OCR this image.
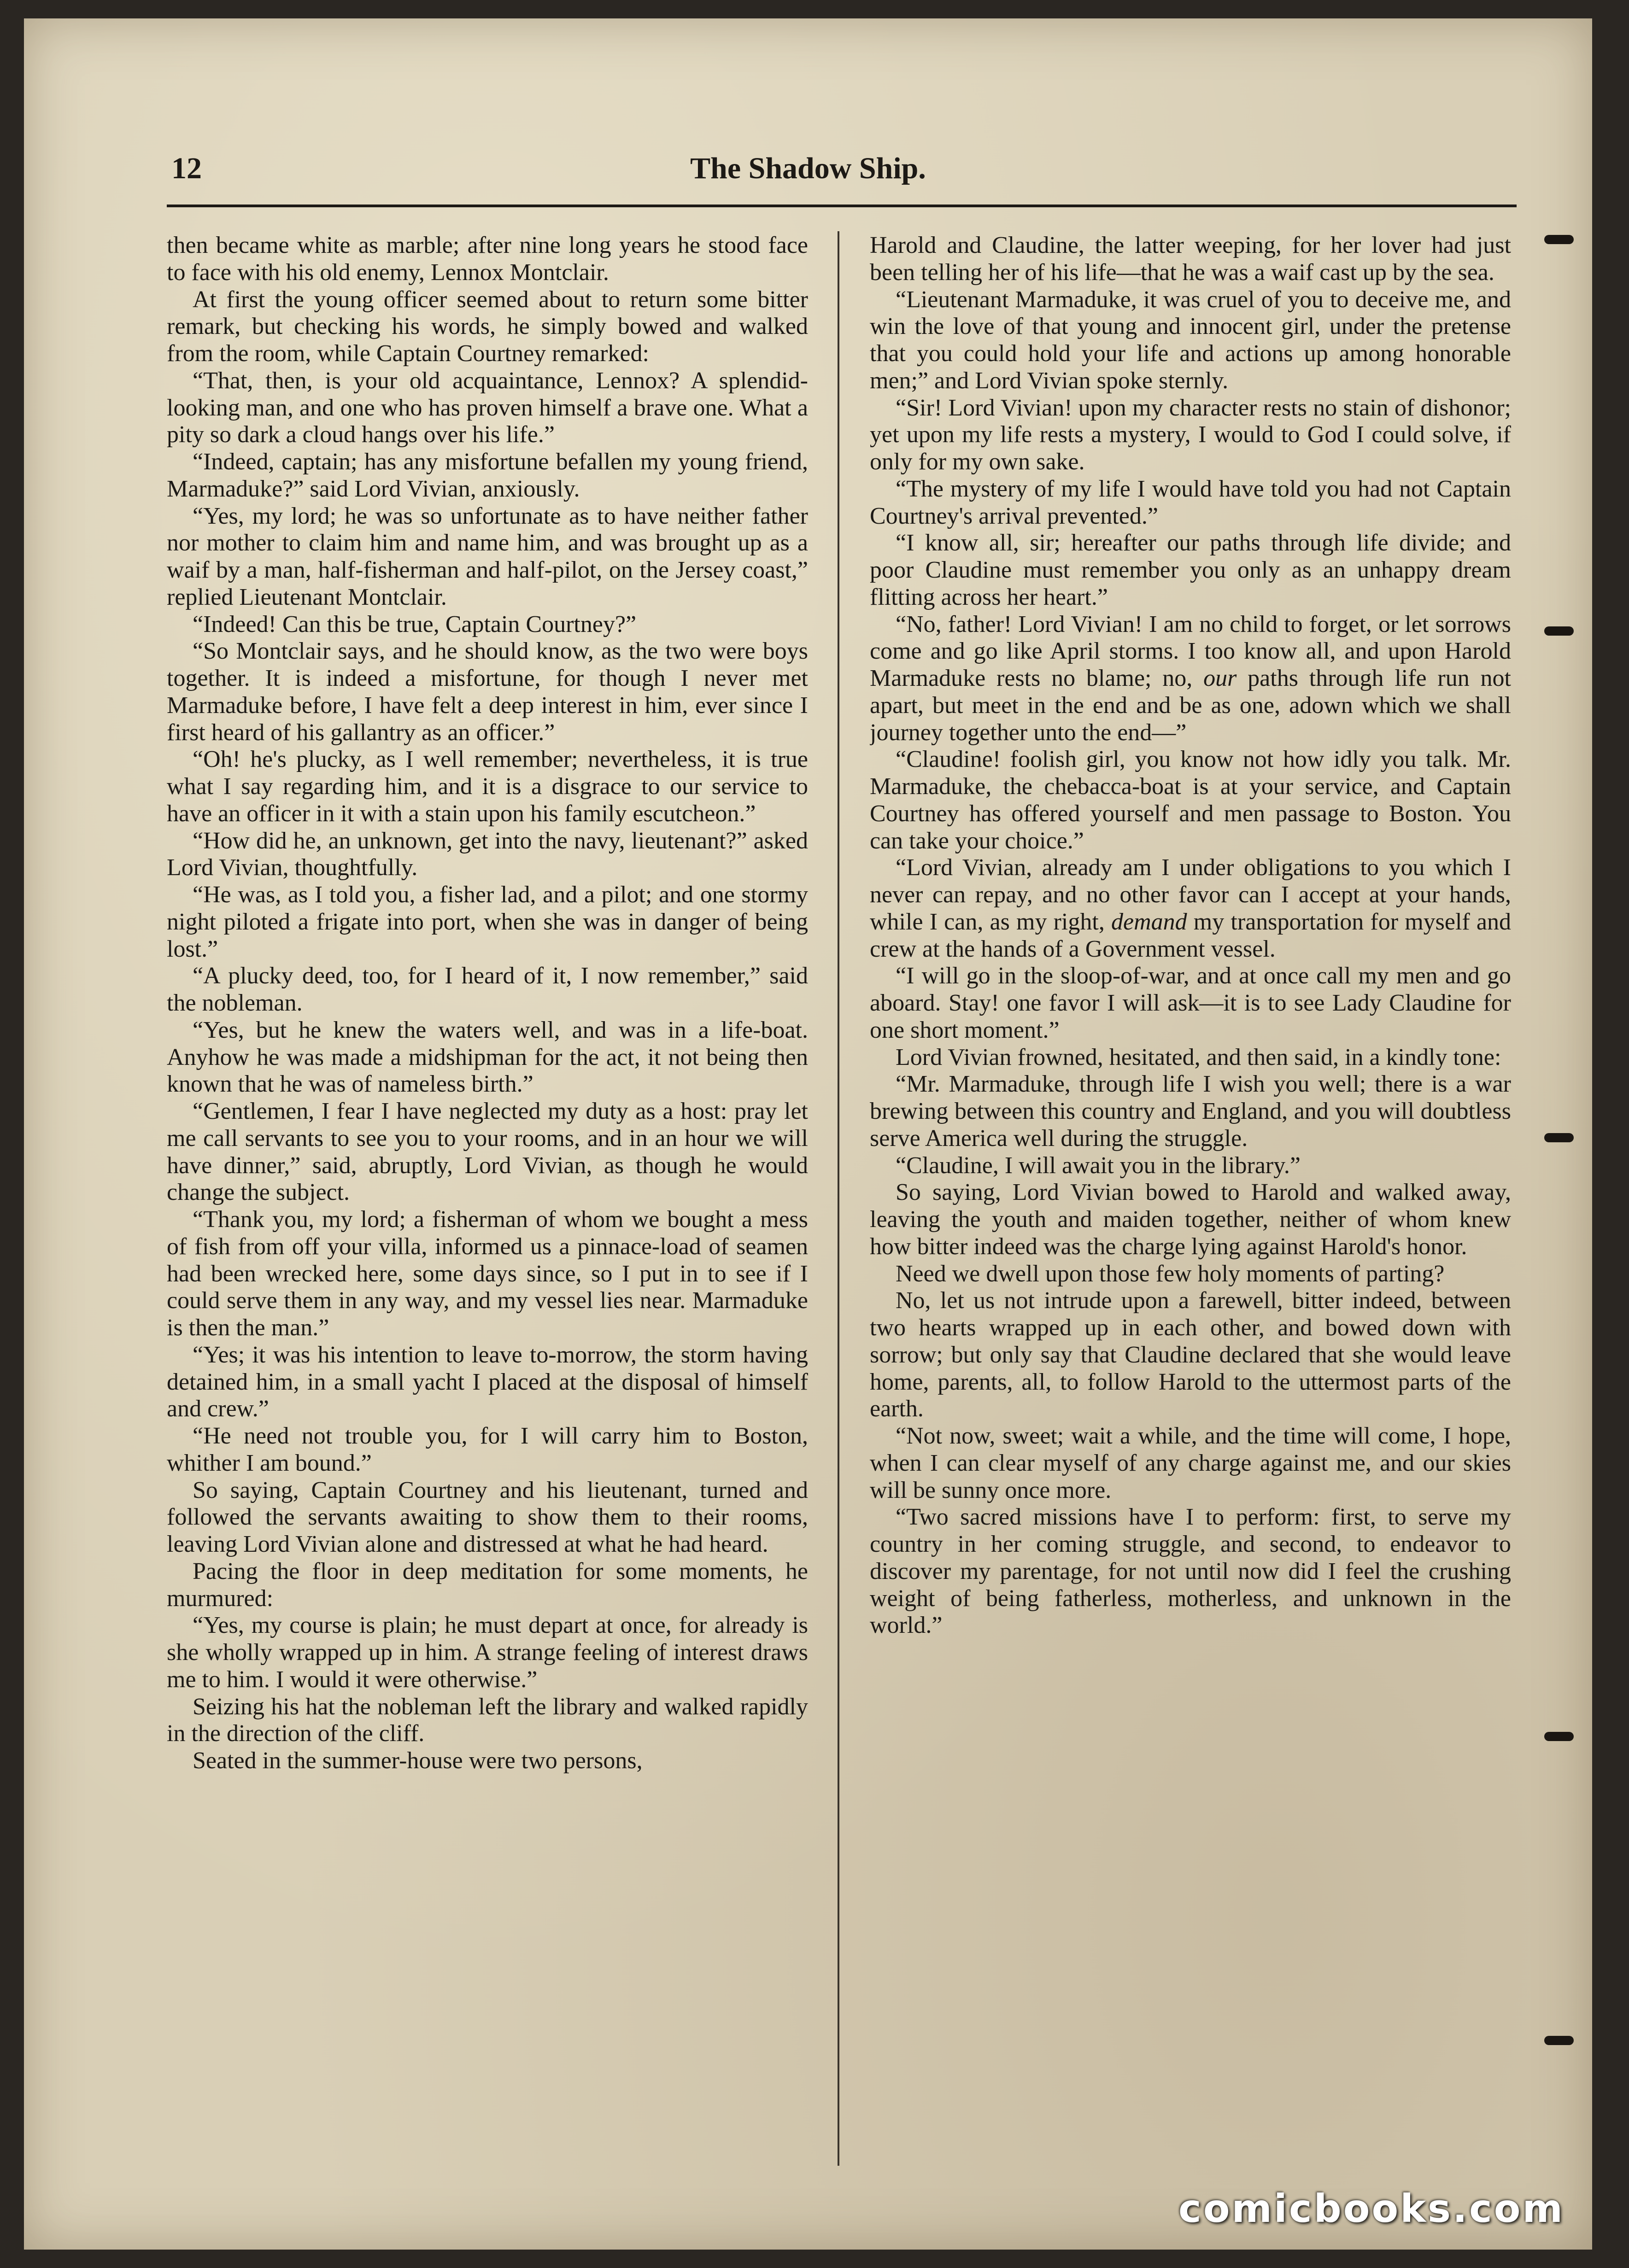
12	The Shadow Ship.

then became white as marble; after nine long years he stood face to face with his old enemy, Lennox Montclair.

At first the young officer seemed about to return some bitter remark, but checking his words, he simply bowed and walked from the room, while Captain Courtney remarked:

“That, then, is your old acquaintance, Lennox? A splendid-looking man, and one who has proven himself a brave one. What a pity so dark a cloud hangs over his life.”

“Indeed, captain; has any misfortune befallen my young friend, Marmaduke?” said Lord Vivian, anxiously.

“Yes, my lord; he was so unfortunate as to have neither father nor mother to claim him and name him, and was brought up as a waif by a man, half-fisherman and half-pilot, on the Jersey coast,” replied Lieutenant Montclair.

“Indeed! Can this be true, Captain Courtney?”

“So Montclair says, and he should know, as the two were boys together. It is indeed a misfortune, for though I never met Marmaduke before, I have felt a deep interest in him, ever since I first heard of his gallantry as an officer.”

“Oh! he's plucky, as I well remember; nevertheless, it is true what I say regarding him, and it is a disgrace to our service to have an officer in it with a stain upon his family escutcheon.”

“How did he, an unknown, get into the navy, lieutenant?” asked Lord Vivian, thoughtfully.

“He was, as I told you, a fisher lad, and a pilot; and one stormy night piloted a frigate into port, when she was in danger of being lost.”

“A plucky deed, too, for I heard of it, I now remember,” said the nobleman.

“Yes, but he knew the waters well, and was in a life-boat. Anyhow he was made a midshipman for the act, it not being then known that he was of nameless birth.”

“Gentlemen, I fear I have neglected my duty as a host: pray let me call servants to see you to your rooms, and in an hour we will have dinner,” said, abruptly, Lord Vivian, as though he would change the subject.

“Thank you, my lord; a fisherman of whom we bought a mess of fish from off your villa, informed us a pinnace-load of seamen had been wrecked here, some days since, so I put in to see if I could serve them in any way, and my vessel lies near. Marmaduke is then the man.”

“Yes; it was his intention to leave to-morrow, the storm having detained him, in a small yacht I placed at the disposal of himself and crew.”

“He need not trouble you, for I will carry him to Boston, whither I am bound.”

So saying, Captain Courtney and his lieutenant, turned and followed the servants awaiting to show them to their rooms, leaving Lord Vivian alone and distressed at what he had heard.

Pacing the floor in deep meditation for some moments, he murmured:

“Yes, my course is plain; he must depart at once, for already is she wholly wrapped up in him. A strange feeling of interest draws me to him. I would it were otherwise.”

Seizing his hat the nobleman left the library and walked rapidly in the direction of the cliff.

Seated in the summer-house were two persons,

Harold and Claudine, the latter weeping, for her lover had just been telling her of his life—that he was a waif cast up by the sea.

“Lieutenant Marmaduke, it was cruel of you to deceive me, and win the love of that young and innocent girl, under the pretense that you could hold your life and actions up among honorable men;” and Lord Vivian spoke sternly.

“Sir! Lord Vivian! upon my character rests no stain of dishonor; yet upon my life rests a mystery, I would to God I could solve, if only for my own sake.

“The mystery of my life I would have told you had not Captain Courtney's arrival prevented.”

“I know all, sir; hereafter our paths through life divide; and poor Claudine must remember you only as an unhappy dream flitting across her heart.”

“No, father! Lord Vivian! I am no child to forget, or let sorrows come and go like April storms. I too know all, and upon Harold Marmaduke rests no blame; no, our paths through life run not apart, but meet in the end and be as one, adown which we shall journey together unto the end—”

“Claudine! foolish girl, you know not how idly you talk. Mr. Marmaduke, the chebacca-boat is at your service, and Captain Courtney has offered yourself and men passage to Boston. You can take your choice.”

“Lord Vivian, already am I under obligations to you which I never can repay, and no other favor can I accept at your hands, while I can, as my right, demand my transportation for myself and crew at the hands of a Government vessel.

“I will go in the sloop-of-war, and at once call my men and go aboard. Stay! one favor I will ask—it is to see Lady Claudine for one short moment.”

Lord Vivian frowned, hesitated, and then said, in a kindly tone:

“Mr. Marmaduke, through life I wish you well; there is a war brewing between this country and England, and you will doubtless serve America well during the struggle.

“Claudine, I will await you in the library.”

So saying, Lord Vivian bowed to Harold and walked away, leaving the youth and maiden together, neither of whom knew how bitter indeed was the charge lying against Harold's honor.

Need we dwell upon those few holy moments of parting?

No, let us not intrude upon a farewell, bitter indeed, between two hearts wrapped up in each other, and bowed down with sorrow; but only say that Claudine declared that she would leave home, parents, all, to follow Harold to the uttermost parts of the earth.

“Not now, sweet; wait a while, and the time will come, I hope, when I can clear myself of any charge against me, and our skies will be sunny once more.

“Two sacred missions have I to perform: first, to serve my country in her coming struggle, and second, to endeavor to discover my parentage, for not until now did I feel the crushing weight of being fatherless, motherless, and unknown in the world.”

comicbooks.com
